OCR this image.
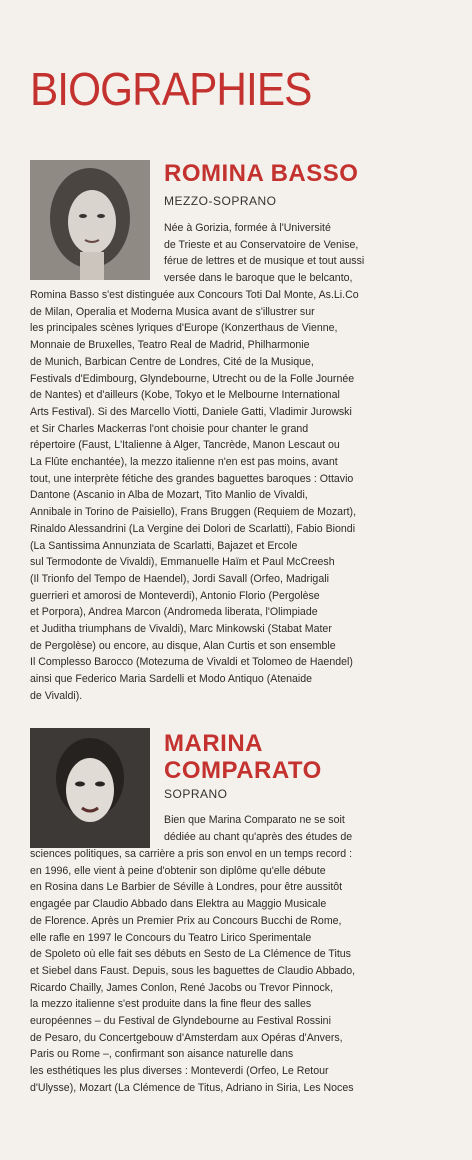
BIOGRAPHIES
ROMINA BASSO
MEZZO-SOPRANO
Née à Gorizia, formée à l'Université
de Trieste et au Conservatoire de Venise,
férue de lettres et de musique et tout aussi
versée dans le baroque que le belcanto,
Romina Basso s'est distinguée aux Concours Toti Dal Monte, As.Li.Co
de Milan, Operalia et Moderna Musica avant de s'illustrer sur
les principales scènes lyriques d'Europe (Konzerthaus de Vienne,
Monnaie de Bruxelles, Teatro Real de Madrid, Philharmonie
de Munich, Barbican Centre de Londres, Cité de la Musique,
Festivals d'Edimbourg, Glyndebourne, Utrecht ou de la Folle Journée
de Nantes) et d'ailleurs (Kobe, Tokyo et le Melbourne International
Arts Festival). Si des Marcello Viotti, Daniele Gatti, Vladimir Jurowski
et Sir Charles Mackerras l'ont choisie pour chanter le grand
répertoire (Faust, L'Italienne à Alger, Tancrède, Manon Lescaut ou
La Flûte enchantée), la mezzo italienne n'en est pas moins, avant
tout, une interprète fétiche des grandes baguettes baroques : Ottavio
Dantone (Ascanio in Alba de Mozart, Tito Manlio de Vivaldi,
Annibale in Torino de Paisiello), Frans Bruggen (Requiem de Mozart),
Rinaldo Alessandrini (La Vergine dei Dolori de Scarlatti), Fabio Biondi
(La Santissima Annunziata de Scarlatti, Bajazet et Ercole
sul Termodonte de Vivaldi), Emmanuelle Haïm et Paul McCreesh
(Il Trionfo del Tempo de Haendel), Jordi Savall (Orfeo, Madrigali
guerrieri et amorosi de Monteverdi), Antonio Florio (Pergolèse
et Porpora), Andrea Marcon (Andromeda liberata, l'Olimpiade
et Juditha triumphans de Vivaldi), Marc Minkowski (Stabat Mater
de Pergolèse) ou encore, au disque, Alan Curtis et son ensemble
Il Complesso Barocco (Motezuma de Vivaldi et Tolomeo de Haendel)
ainsi que Federico Maria Sardelli et Modo Antiquo (Atenaide
de Vivaldi).
MARINA
COMPARATO
SOPRANO
Bien que Marina Comparato ne se soit
dédiée au chant qu'après des études de
sciences politiques, sa carrière a pris son envol en un temps record :
en 1996, elle vient à peine d'obtenir son diplôme qu'elle débute
en Rosina dans Le Barbier de Séville à Londres, pour être aussitôt
engagée par Claudio Abbado dans Elektra au Maggio Musicale
de Florence. Après un Premier Prix au Concours Bucchi de Rome,
elle rafle en 1997 le Concours du Teatro Lirico Sperimentale
de Spoleto où elle fait ses débuts en Sesto de La Clémence de Titus
et Siebel dans Faust. Depuis, sous les baguettes de Claudio Abbado,
Ricardo Chailly, James Conlon, René Jacobs ou Trevor Pinnock,
la mezzo italienne s'est produite dans la fine fleur des salles
européennes – du Festival de Glyndebourne au Festival Rossini
de Pesaro, du Concertgebouw d'Amsterdam aux Opéras d'Anvers,
Paris ou Rome –, confirmant son aisance naturelle dans
les esthétiques les plus diverses : Monteverdi (Orfeo, Le Retour
d'Ulysse), Mozart (La Clémence de Titus, Adriano in Siria, Les Noces
